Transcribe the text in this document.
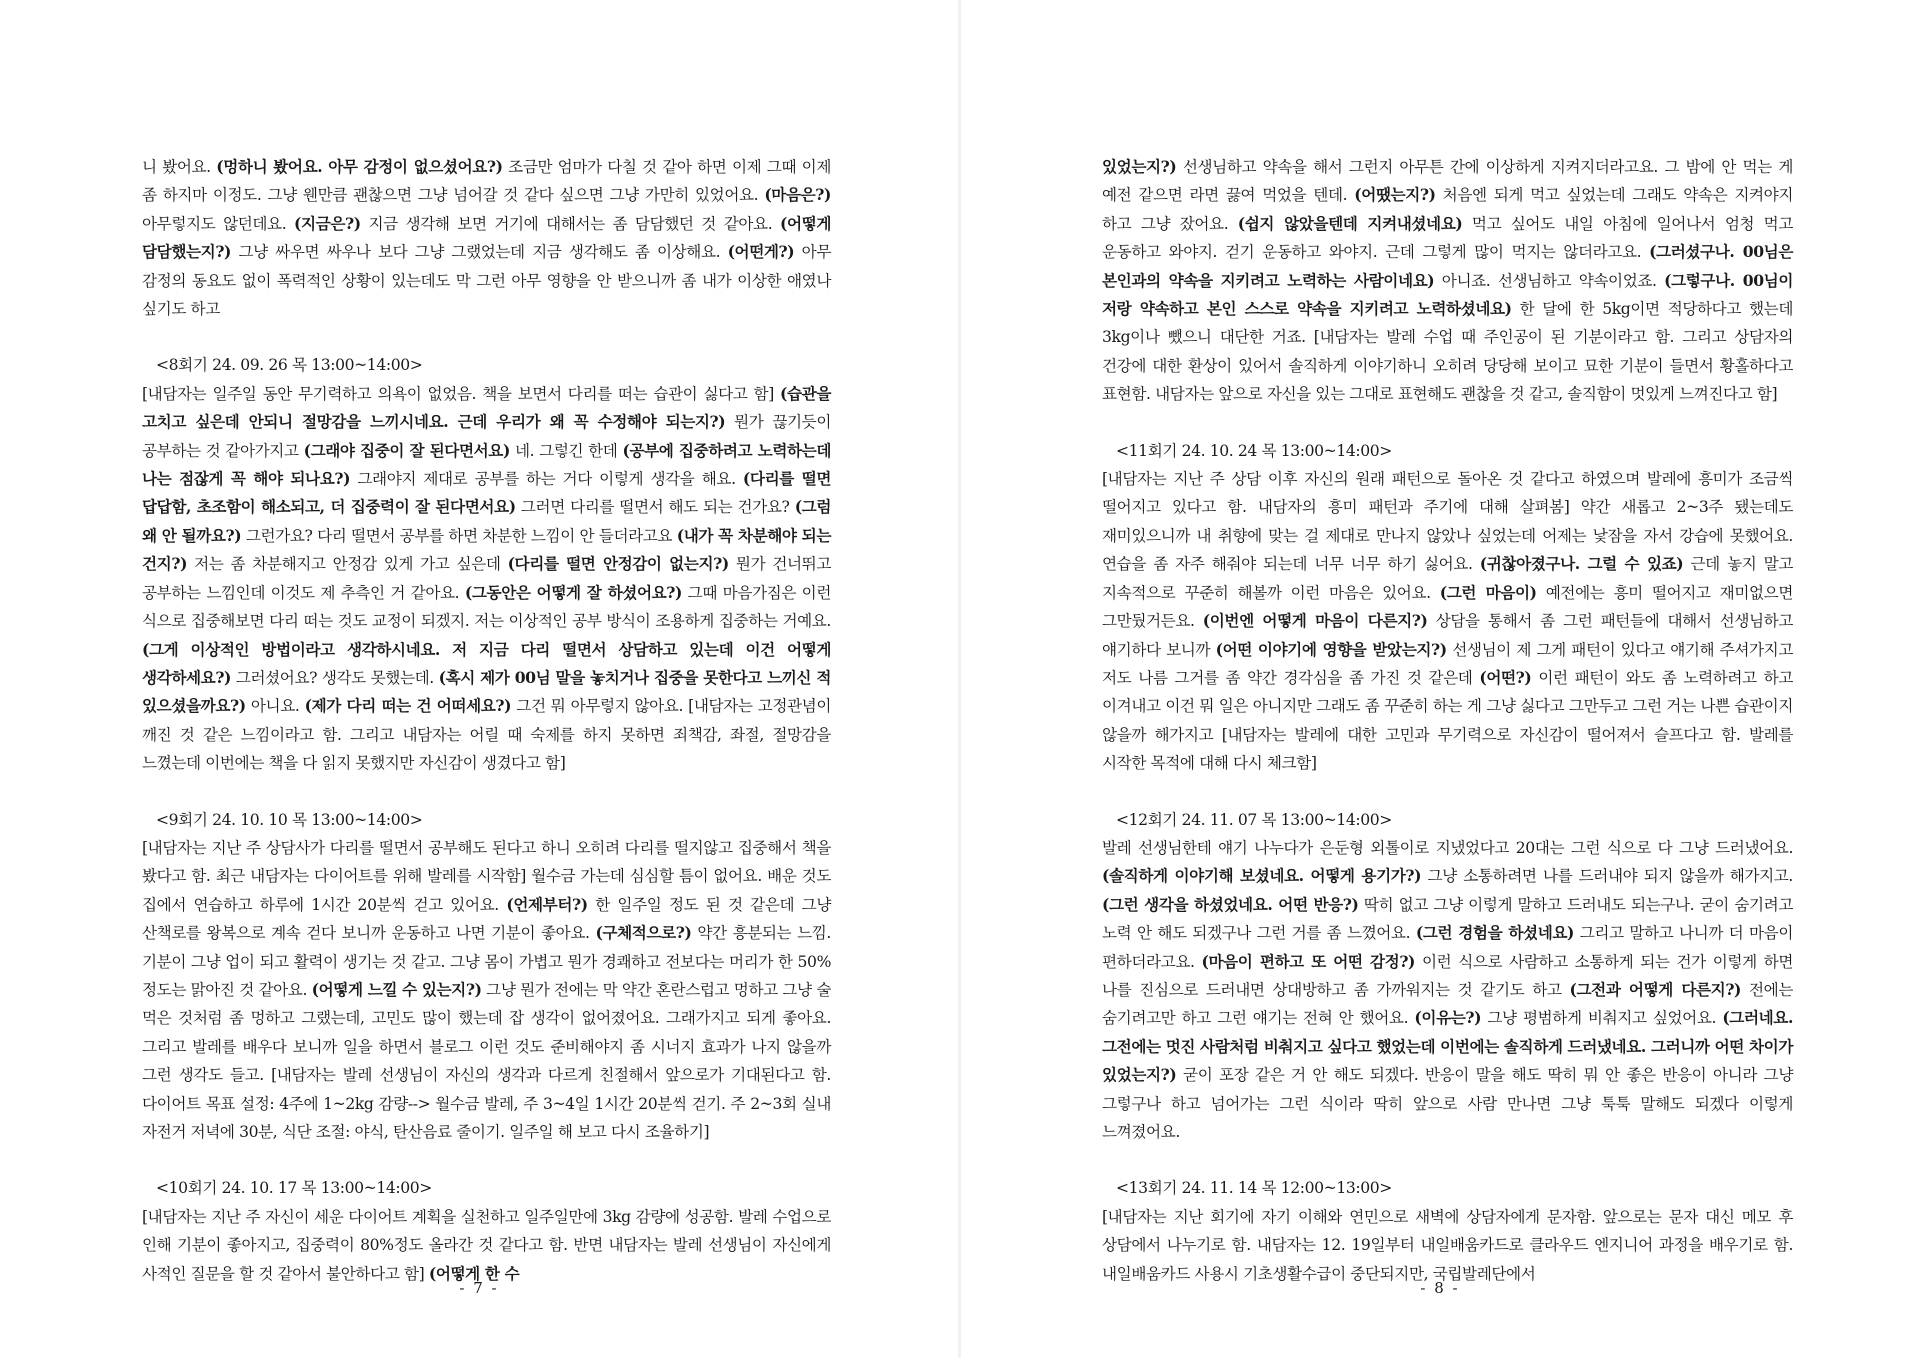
니 봤어요. (멍하니 봤어요. 아무 감정이 없으셨어요?) 조금만 엄마가 다칠 것 같아 하면 이제 그때 이제 좀 하지마 이정도. 그냥 웬만큼 괜찮으면 그냥 넘어갈 것 같다 싶으면 그냥 가만히 있었어요. (마음은?) 아무렇지도 않던데요. (지금은?) 지금 생각해 보면 거기에 대해서는 좀 담담했던 것 같아요. (어떻게 담담했는지?) 그냥 싸우면 싸우나 보다 그냥 그랬었는데 지금 생각해도 좀 이상해요. (어떤게?) 아무 감정의 동요도 없이 폭력적인 상황이 있는데도 막 그런 아무 영향을 안 받으니까 좀 내가 이상한 애였나 싶기도 하고
<8회기 24. 09. 26 목 13:00~14:00>
[내담자는 일주일 동안 무기력하고 의욕이 없었음. 책을 보면서 다리를 떠는 습관이 싫다고 함] (습관을 고치고 싶은데 안되니 절망감을 느끼시네요. 근데 우리가 왜 꼭 수정해야 되는지?) 뭔가 끊기듯이 공부하는 것 같아가지고 (그래야 집중이 잘 된다면서요) 네. 그렇긴 한데 (공부에 집중하려고 노력하는데 나는 점잖게 꼭 해야 되나요?) 그래야지 제대로 공부를 하는 거다 이렇게 생각을 해요. (다리를 떨면 답답함, 초조함이 해소되고, 더 집중력이 잘 된다면서요) 그러면 다리를 떨면서 해도 되는 건가요? (그럼 왜 안 될까요?) 그런가요? 다리 떨면서 공부를 하면 차분한 느낌이 안 들더라고요 (내가 꼭 차분해야 되는 건지?) 저는 좀 차분해지고 안정감 있게 가고 싶은데 (다리를 떨면 안정감이 없는지?) 뭔가 건너뛰고 공부하는 느낌인데 이것도 제 추측인 거 같아요. (그동안은 어떻게 잘 하셨어요?) 그때 마음가짐은 이런 식으로 집중해보면 다리 떠는 것도 교정이 되겠지. 저는 이상적인 공부 방식이 조용하게 집중하는 거예요. (그게 이상적인 방법이라고 생각하시네요. 저 지금 다리 떨면서 상담하고 있는데 이건 어떻게 생각하세요?) 그러셨어요? 생각도 못했는데. (혹시 제가 00님 말을 놓치거나 집중을 못한다고 느끼신 적 있으셨을까요?) 아니요. (제가 다리 떠는 건 어떠세요?) 그건 뭐 아무렇지 않아요. [내담자는 고정관념이 깨진 것 같은 느낌이라고 함. 그리고 내담자는 어릴 때 숙제를 하지 못하면 죄책감, 좌절, 절망감을 느꼈는데 이번에는 책을 다 읽지 못했지만 자신감이 생겼다고 함]
<9회기 24. 10. 10 목 13:00~14:00>
[내담자는 지난 주 상담사가 다리를 떨면서 공부해도 된다고 하니 오히려 다리를 떨지않고 집중해서 책을 봤다고 함. 최근 내담자는 다이어트를 위해 발레를 시작함] 월수금 가는데 심심할 틈이 없어요. 배운 것도 집에서 연습하고 하루에 1시간 20분씩 걷고 있어요. (언제부터?) 한 일주일 정도 된 것 같은데 그냥 산책로를 왕복으로 계속 걷다 보니까 운동하고 나면 기분이 좋아요. (구체적으로?) 약간 흥분되는 느낌. 기분이 그냥 업이 되고 활력이 생기는 것 같고. 그냥 몸이 가볍고 뭔가 경쾌하고 전보다는 머리가 한 50% 정도는 맑아진 것 같아요. (어떻게 느낄 수 있는지?) 그냥 뭔가 전에는 막 약간 혼란스럽고 멍하고 그냥 술 먹은 것처럼 좀 멍하고 그랬는데, 고민도 많이 했는데 잡 생각이 없어졌어요. 그래가지고 되게 좋아요. 그리고 발레를 배우다 보니까 일을 하면서 블로그 이런 것도 준비해야지 좀 시너지 효과가 나지 않을까 그런 생각도 들고. [내담자는 발레 선생님이 자신의 생각과 다르게 친절해서 앞으로가 기대된다고 함. 다이어트 목표 설정: 4주에 1~2kg 감량--> 월수금 발레, 주 3~4일 1시간 20분씩 걷기. 주 2~3회 실내 자전거 저녁에 30분, 식단 조절: 야식, 탄산음료 줄이기. 일주일 해 보고 다시 조율하기]
<10회기 24. 10. 17 목 13:00~14:00>
[내담자는 지난 주 자신이 세운 다이어트 계획을 실천하고 일주일만에 3kg 감량에 성공함. 발레 수업으로 인해 기분이 좋아지고, 집중력이 80%정도 올라간 것 같다고 함. 반면 내담자는 발레 선생님이 자신에게 사적인 질문을 할 것 같아서 불안하다고 함] (어떻게 한 수
- 7 -
있었는지?) 선생님하고 약속을 해서 그런지 아무튼 간에 이상하게 지켜지더라고요. 그 밤에 안 먹는 게 예전 같으면 라면 끓여 먹었을 텐데. (어땠는지?) 처음엔 되게 먹고 싶었는데 그래도 약속은 지켜야지 하고 그냥 잤어요. (쉽지 않았을텐데 지켜내셨네요) 먹고 싶어도 내일 아침에 일어나서 엄청 먹고 운동하고 와야지. 걷기 운동하고 와야지. 근데 그렇게 많이 먹지는 않더라고요. (그러셨구나. 00님은 본인과의 약속을 지키려고 노력하는 사람이네요) 아니죠. 선생님하고 약속이었죠. (그렇구나. 00님이 저랑 약속하고 본인 스스로 약속을 지키려고 노력하셨네요) 한 달에 한 5kg이면 적당하다고 했는데 3kg이나 뺐으니 대단한 거죠. [내담자는 발레 수업 때 주인공이 된 기분이라고 함. 그리고 상담자의 건강에 대한 환상이 있어서 솔직하게 이야기하니 오히려 당당해 보이고 묘한 기분이 들면서 황홀하다고 표현함. 내담자는 앞으로 자신을 있는 그대로 표현해도 괜찮을 것 같고, 솔직함이 멋있게 느껴진다고 함]
<11회기 24. 10. 24 목 13:00~14:00>
[내담자는 지난 주 상담 이후 자신의 원래 패턴으로 돌아온 것 같다고 하였으며 발레에 흥미가 조금씩 떨어지고 있다고 함. 내담자의 흥미 패턴과 주기에 대해 살펴봄] 약간 새롭고 2~3주 됐는데도 재미있으니까 내 취향에 맞는 걸 제대로 만나지 않았나 싶었는데 어제는 낯잠을 자서 강습에 못했어요. 연습을 좀 자주 해줘야 되는데 너무 너무 하기 싫어요. (귀찮아졌구나. 그럴 수 있죠) 근데 놓지 말고 지속적으로 꾸준히 해볼까 이런 마음은 있어요. (그런 마음이) 예전에는 흥미 떨어지고 재미없으면 그만뒀거든요. (이번엔 어떻게 마음이 다른지?) 상담을 통해서 좀 그런 패턴들에 대해서 선생님하고 얘기하다 보니까 (어떤 이야기에 영향을 받았는지?) 선생님이 제 그게 패턴이 있다고 얘기해 주셔가지고 저도 나름 그거를 좀 약간 경각심을 좀 가진 것 같은데 (어떤?) 이런 패턴이 와도 좀 노력하려고 하고 이겨내고 이건 뭐 일은 아니지만 그래도 좀 꾸준히 하는 게 그냥 싫다고 그만두고 그런 거는 나쁜 습관이지 않을까 해가지고 [내담자는 발레에 대한 고민과 무기력으로 자신감이 떨어져서 슬프다고 함. 발레를 시작한 목적에 대해 다시 체크함]
<12회기 24. 11. 07 목 13:00~14:00>
발레 선생님한테 얘기 나누다가 은둔형 외톨이로 지냈었다고 20대는 그런 식으로 다 그냥 드러냈어요. (솔직하게 이야기해 보셨네요. 어떻게 용기가?) 그냥 소통하려면 나를 드러내야 되지 않을까 해가지고. (그런 생각을 하셨었네요. 어떤 반응?) 딱히 없고 그냥 이렇게 말하고 드러내도 되는구나. 굳이 숨기려고 노력 안 해도 되겠구나 그런 거를 좀 느꼈어요. (그런 경험을 하셨네요) 그리고 말하고 나니까 더 마음이 편하더라고요. (마음이 편하고 또 어떤 감정?) 이런 식으로 사람하고 소통하게 되는 건가 이렇게 하면 나를 진심으로 드러내면 상대방하고 좀 가까워지는 것 같기도 하고 (그전과 어떻게 다른지?) 전에는 숨기려고만 하고 그런 얘기는 전혀 안 했어요. (이유는?) 그냥 평범하게 비춰지고 싶었어요. (그러네요. 그전에는 멋진 사람처럼 비춰지고 싶다고 했었는데 이번에는 솔직하게 드러냈네요. 그러니까 어떤 차이가 있었는지?) 굳이 포장 같은 거 안 해도 되겠다. 반응이 말을 해도 딱히 뭐 안 좋은 반응이 아니라 그냥 그렇구나 하고 넘어가는 그런 식이라 딱히 앞으로 사람 만나면 그냥 툭툭 말해도 되겠다 이렇게 느껴졌어요.
<13회기 24. 11. 14 목 12:00~13:00>
[내담자는 지난 회기에 자기 이해와 연민으로 새벽에 상담자에게 문자함. 앞으로는 문자 대신 메모 후 상담에서 나누기로 함. 내담자는 12. 19일부터 내일배움카드로 클라우드 엔지니어 과정을 배우기로 함. 내일배움카드 사용시 기초생활수급이 중단되지만, 국립발레단에서
- 8 -
